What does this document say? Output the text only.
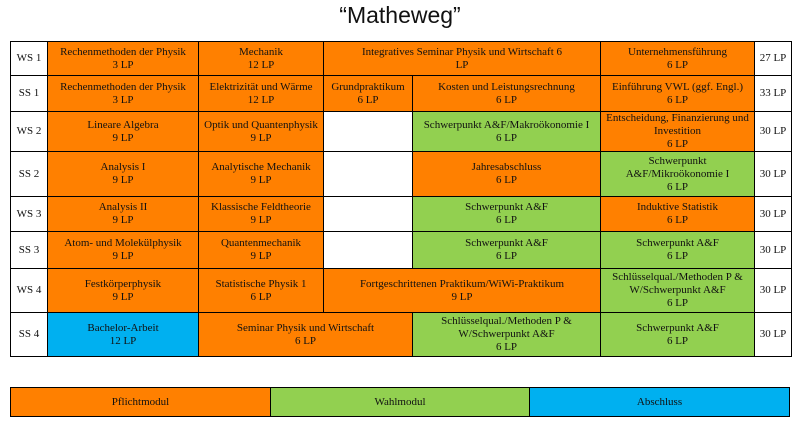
“Matheweg”
WS 1
Rechenmethoden der Physik
3 LP
Mechanik
12 LP
Integratives Seminar Physik und Wirtschaft 6
LP
Unternehmensführung
6 LP
27 LP
SS 1
Rechenmethoden der Physik
3 LP
Elektrizität und Wärme
12 LP
Grundpraktikum
6 LP
Kosten und Leistungsrechnung
6 LP
Einführung VWL (ggf. Engl.)
6 LP
33 LP
WS 2
Lineare Algebra
9 LP
Optik und Quantenphysik
9 LP
Schwerpunkt A&F/Makroökonomie I
6 LP
Entscheidung, Finanzierung und Investition
6 LP
30 LP
SS 2
Analysis I
9 LP
Analytische Mechanik
9 LP
Jahresabschluss
6 LP
Schwerpunkt A&F/Mikroökonomie I
6 LP
30 LP
WS 3
Analysis II
9 LP
Klassische Feldtheorie
9 LP
Schwerpunkt A&F
6 LP
Induktive Statistik
6 LP
30 LP
SS 3
Atom- und Molekülphysik
9 LP
Quantenmechanik
9 LP
Schwerpunkt A&F
6 LP
Schwerpunkt A&F
6 LP
30 LP
WS 4
Festkörperphysik
9 LP
Statistische Physik 1
6 LP
Fortgeschrittenen Praktikum/WiWi-Praktikum
9 LP
Schlüsselqual./Methoden P & W/Schwerpunkt A&F
6 LP
30 LP
SS 4
Bachelor-Arbeit
12 LP
Seminar Physik und Wirtschaft
6 LP
Schlüsselqual./Methoden P & W/Schwerpunkt A&F
6 LP
Schwerpunkt A&F
6 LP
30 LP
Pflichtmodul	Wahlmodul	Abschluss
